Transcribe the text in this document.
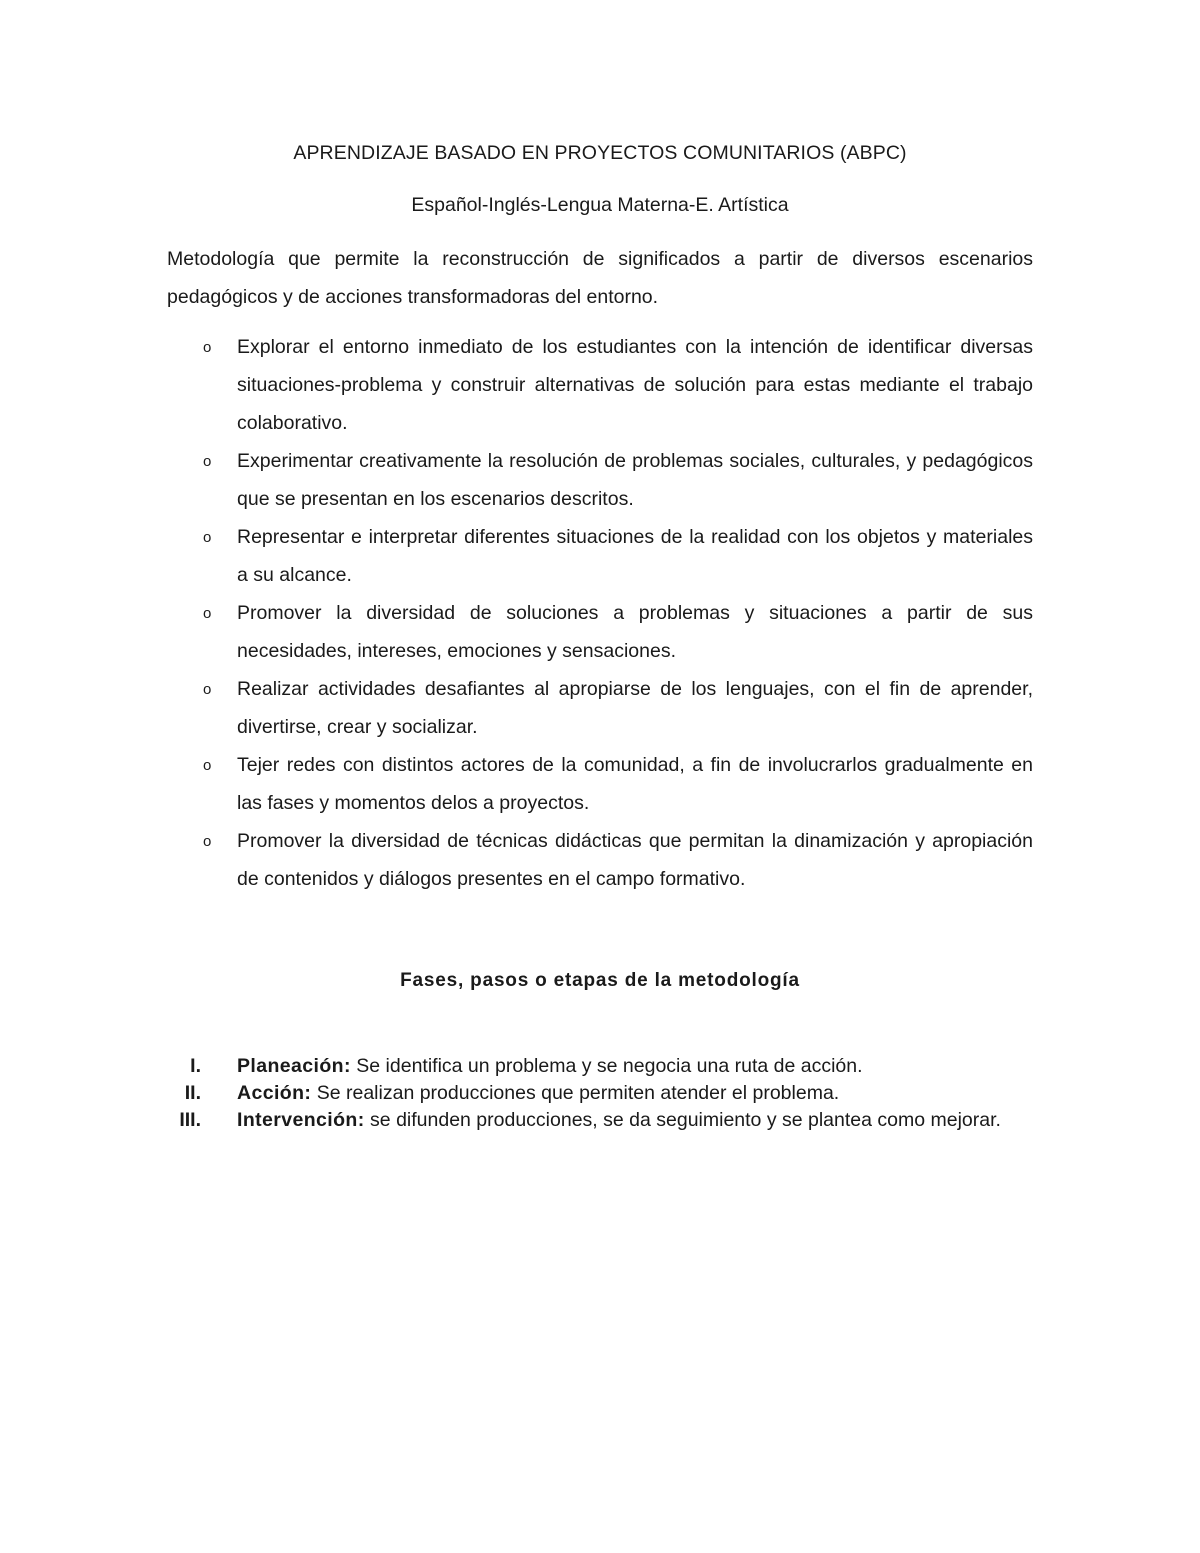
APRENDIZAJE BASADO EN PROYECTOS COMUNITARIOS (ABPC)

Español-Inglés-Lengua Materna-E. Artística

Metodología que permite la reconstrucción de significados a partir de diversos escenarios pedagógicos y de acciones transformadoras del entorno.

o Explorar el entorno inmediato de los estudiantes con la intención de identificar diversas situaciones-problema y construir alternativas de solución para estas mediante el trabajo colaborativo.
o Experimentar creativamente la resolución de problemas sociales, culturales, y pedagógicos que se presentan en los escenarios descritos.
o Representar e interpretar diferentes situaciones de la realidad con los objetos y materiales a su alcance.
o Promover la diversidad de soluciones a problemas y situaciones a partir de sus necesidades, intereses, emociones y sensaciones.
o Realizar actividades desafiantes al apropiarse de los lenguajes, con el fin de aprender, divertirse, crear y socializar.
o Tejer redes con distintos actores de la comunidad, a fin de involucrarlos gradualmente en las fases y momentos delos a proyectos.
o Promover la diversidad de técnicas didácticas que permitan la dinamización y apropiación de contenidos y diálogos presentes en el campo formativo.
Fases, pasos o etapas de la metodología
I. Planeación: Se identifica un problema y se negocia una ruta de acción.
II. Acción: Se realizan producciones que permiten atender el problema.
III. Intervención: se difunden producciones, se da seguimiento y se plantea como mejorar.
